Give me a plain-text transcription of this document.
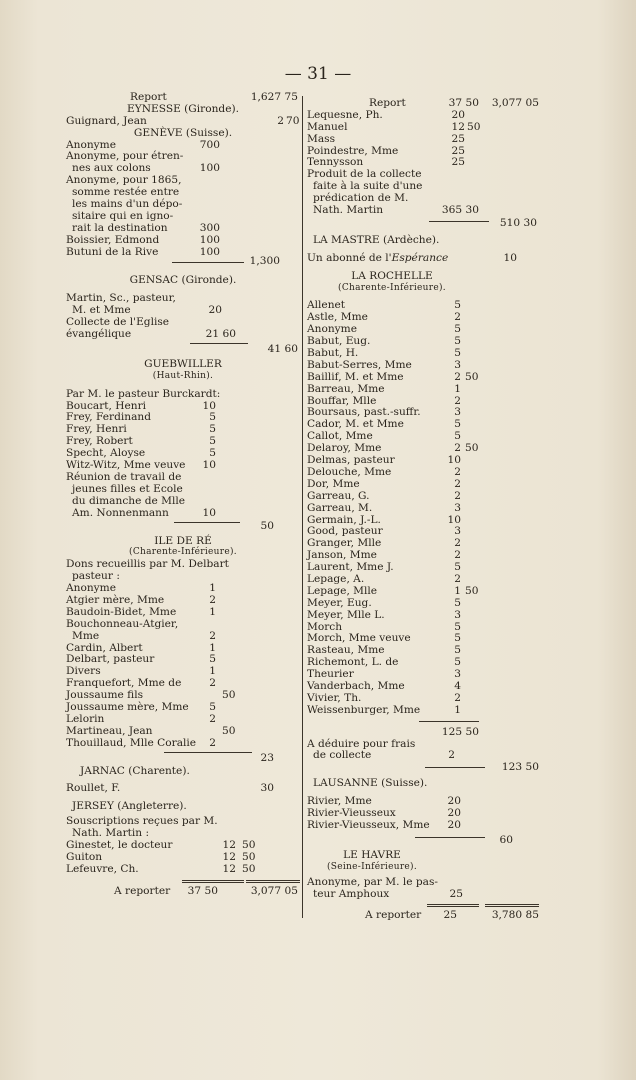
— 31 —
Report	1,627 75
EYNESSE (Gironde).
Guignard, Jean	2 70
GENÈVE (Suisse).
Anonyme	700
Anonyme, pour étren-
nes aux colons	100
Anonyme, pour 1865,
somme restée entre
les mains d'un dépo-
sitaire qui en igno-
rait la destination	300
Boissier, Edmond	100
Butuni de la Rive	100
1,300
GENSAC (Gironde).
Martin, Sc., pasteur,
M. et Mme	20
Collecte de l'Eglise
évangélique	21 60
41 60
GUEBWILLER
(Haut-Rhin).
Par M. le pasteur Burckardt:
Boucart, Henri	10
Frey, Ferdinand	5
Frey, Henri	5
Frey, Robert	5
Specht, Aloyse	5
Witz-Witz, Mme veuve 10
Réunion de travail de
jeunes filles et Ecole
du dimanche de Mlle
Am. Nonnenmann	10
50
ILE DE RÉ
(Charente-Inférieure).
Dons recueillis par M. Delbart
pasteur :
Anonyme	1
Atgier mère, Mme	2
Baudoin-Bidet, Mme	1
Bouchonneau-Atgier,
Mme	2
Cardin, Albert	1
Delbart, pasteur	5
Divers	1
Franquefort, Mme de	2
Joussaume fils	50
Joussaume mère, Mme 5
Lelorin	2
Martineau, Jean	50
Thouillaud, Mlle Coralie 2
23
JARNAC (Charente).
Roullet, F.	30
JERSEY (Angleterre).
Souscriptions reçues par M.
Nath. Martin :
Ginestet, le docteur	12 50
Guiton	12 50
Lefeuvre, Ch.	12 50
A reporter 37 50	3,077 05
Report	37 50 3,077 05
Lequesne, Ph.	20
Manuel	12 50
Mass	25
Poindestre, Mme	25
Tennysson	25
Produit de la collecte
faite à la suite d'une
prédication de M.
Nath. Martin	365 30
510 30
LA MASTRE (Ardèche).
Un abonné de l'Espérance	10
LA ROCHELLE
(Charente-Inférieure).
Allenet	5
Astle, Mme	2
Anonyme	5
Babut, Eug.	5
Babut, H.	5
Babut-Serres, Mme	3
Baillif, M. et Mme	2 50
Barreau, Mme	1
Bouffar, Mlle	2
Boursaus, past.-suffr.	3
Cador, M. et Mme	5
Callot, Mme	5
Delaroy, Mme	2 50
Delmas, pasteur	10
Delouche, Mme	2
Dor, Mme	2
Garreau, G.	2
Garreau, M.	3
Germain, J.-L.	10
Good, pasteur	3
Granger, Mlle	2
Janson, Mme	2
Laurent, Mme J.	5
Lepage, A.	2
Lepage, Mlle	1 50
Meyer, Eug.	5
Meyer, Mlle L.	3
Morch	5
Morch, Mme veuve	5
Rasteau, Mme	5
Richemont, L. de	5
Theurier	3
Vanderbach, Mme	4
Vivier, Th.	2
Weissenburger, Mme	1
125 50
A déduire pour frais
de collecte	2
123 50
LAUSANNE (Suisse).
Rivier, Mme	20
Rivier-Vieusseux	20
Rivier-Vieusseux, Mme 20
60
LE HAVRE
(Seine-Inférieure).
Anonyme, par M. le pas-
teur Amphoux	25
A reporter 25	3,780 85
